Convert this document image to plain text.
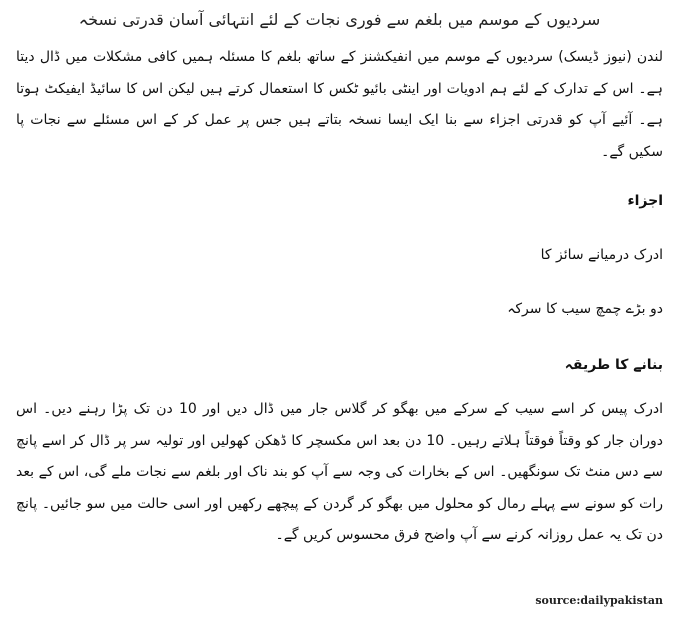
سردیوں کے موسم میں بلغم سے فوری نجات کے لئے انتہائی آسان قدرتی نسخہ

لندن (نیوز ڈیسک) سردیوں کے موسم میں انفیکشنز کے ساتھ بلغم کا مسئلہ ہمیں کافی مشکلات میں ڈال دیتا ہے۔ اس کے تدارک کے لئے ہم ادویات اور اینٹی بائیو ٹکس کا استعمال کرتے ہیں لیکن اس کا سائیڈ ایفیکٹ ہوتا ہے۔ آئیے آپ کو قدرتی اجزاء سے بنا ایک ایسا نسخہ بتاتے ہیں جس پر عمل کر کے اس مسئلے سے نجات پا سکیں گے۔

اجزاء
ادرک درمیانے سائز کا
دو بڑے چمچ سیب کا سرکہ
بنانے کا طریقہ

ادرک پیس کر اسے سیب کے سرکے میں بھگو کر گلاس جار میں ڈال دیں اور 10 دن تک پڑا رہنے دیں۔ اس دوران جار کو وقتاً فوقتاً ہلاتے رہیں۔ 10 دن بعد اس مکسچر کا ڈھکن کھولیں اور تولیہ سر پر ڈال کر اسے پانچ سے دس منٹ تک سونگھیں۔ اس کے بخارات کی وجہ سے آپ کو بند ناک اور بلغم سے نجات ملے گی، اس کے بعد رات کو سونے سے پہلے رمال کو محلول میں بھگو کر گردن کے پیچھے رکھیں اور اسی حالت میں سو جائیں۔ پانچ دن تک یہ عمل روزانہ کرنے سے آپ واضح فرق محسوس کریں گے۔

source:dailypakistan
